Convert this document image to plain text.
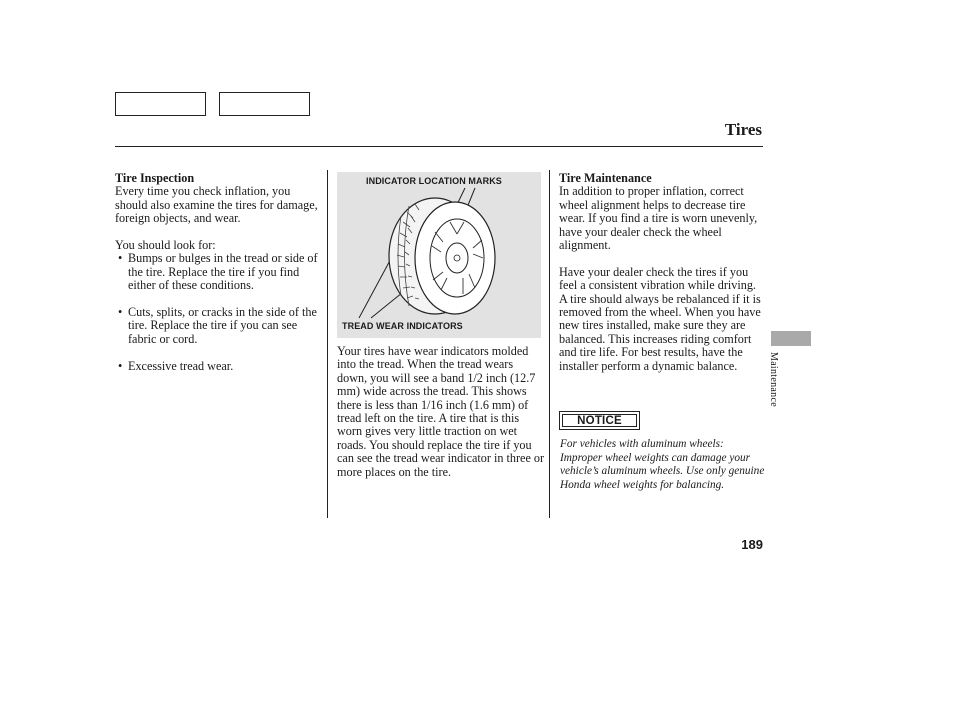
Tires

Tire Inspection

Every time you check inflation, you should also examine the tires for damage, foreign objects, and wear.

You should look for:

• Bumps or bulges in the tread or side of the tire. Replace the tire if you find either of these conditions.

• Cuts, splits, or cracks in the side of the tire. Replace the tire if you can see fabric or cord.

• Excessive tread wear.

INDICATOR LOCATION MARKS
TREAD WEAR INDICATORS

Your tires have wear indicators molded into the tread. When the tread wears down, you will see a band 1/2 inch (12.7 mm) wide across the tread. This shows there is less than 1/16 inch (1.6 mm) of tread left on the tire. A tire that is this worn gives very little traction on wet roads. You should replace the tire if you can see the tread wear indicator in three or more places on the tire.

Tire Maintenance

In addition to proper inflation, correct wheel alignment helps to decrease tire wear. If you find a tire is worn unevenly, have your dealer check the wheel alignment.

Have your dealer check the tires if you feel a consistent vibration while driving. A tire should always be rebalanced if it is removed from the wheel. When you have new tires installed, make sure they are balanced. This increases riding comfort and tire life. For best results, have the installer perform a dynamic balance.

NOTICE
For vehicles with aluminum wheels: Improper wheel weights can damage your vehicle’s aluminum wheels. Use only genuine Honda wheel weights for balancing.
Maintenance
189
